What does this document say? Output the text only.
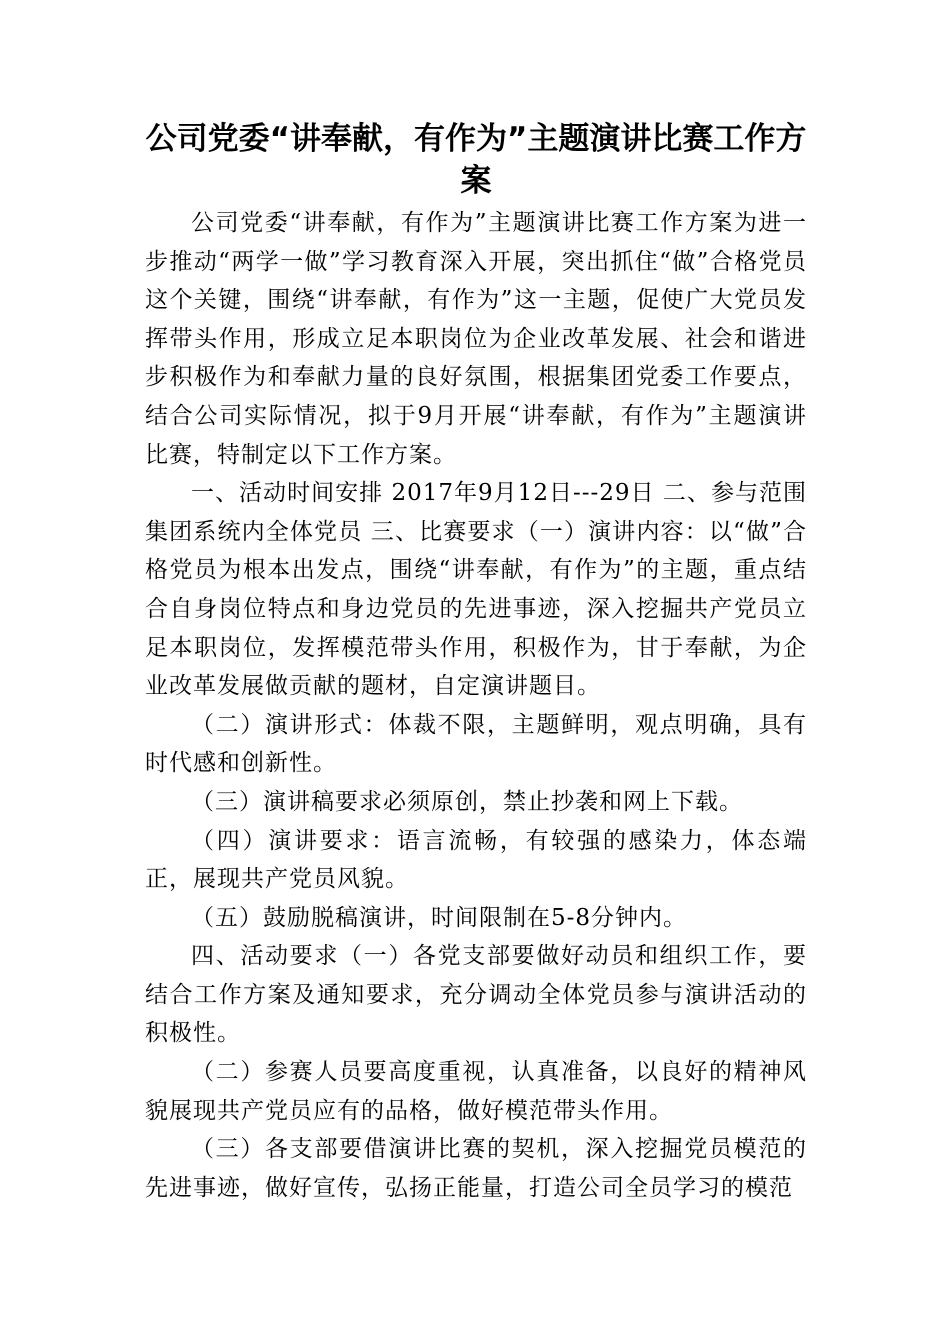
公司党委“讲奉献，有作为”主题演讲比赛工作方案

公司党委“讲奉献，有作为”主题演讲比赛工作方案为进一步推动“两学一做”学习教育深入开展，突出抓住“做”合格党员这个关键，围绕“讲奉献，有作为”这一主题，促使广大党员发挥带头作用，形成立足本职岗位为企业改革发展、社会和谐进步积极作为和奉献力量的良好氛围，根据集团党委工作要点，结合公司实际情况，拟于9月开展“讲奉献，有作为”主题演讲比赛，特制定以下工作方案。

一、活动时间安排 2017年9月12日---29日 二、参与范围 集团系统内全体党员 三、比赛要求（一）演讲内容：以“做”合格党员为根本出发点，围绕“讲奉献，有作为”的主题，重点结合自身岗位特点和身边党员的先进事迹，深入挖掘共产党员立足本职岗位，发挥模范带头作用，积极作为，甘于奉献，为企业改革发展做贡献的题材，自定演讲题目。

（二）演讲形式：体裁不限，主题鲜明，观点明确，具有时代感和创新性。

（三）演讲稿要求必须原创，禁止抄袭和网上下载。

（四）演讲要求：语言流畅，有较强的感染力，体态端正，展现共产党员风貌。

（五）鼓励脱稿演讲，时间限制在5-8分钟内。

四、活动要求（一）各党支部要做好动员和组织工作，要结合工作方案及通知要求，充分调动全体党员参与演讲活动的积极性。

（二）参赛人员要高度重视，认真准备，以良好的精神风貌展现共产党员应有的品格，做好模范带头作用。

（三）各支部要借演讲比赛的契机，深入挖掘党员模范的先进事迹，做好宣传，弘扬正能量，打造公司全员学习的模范
